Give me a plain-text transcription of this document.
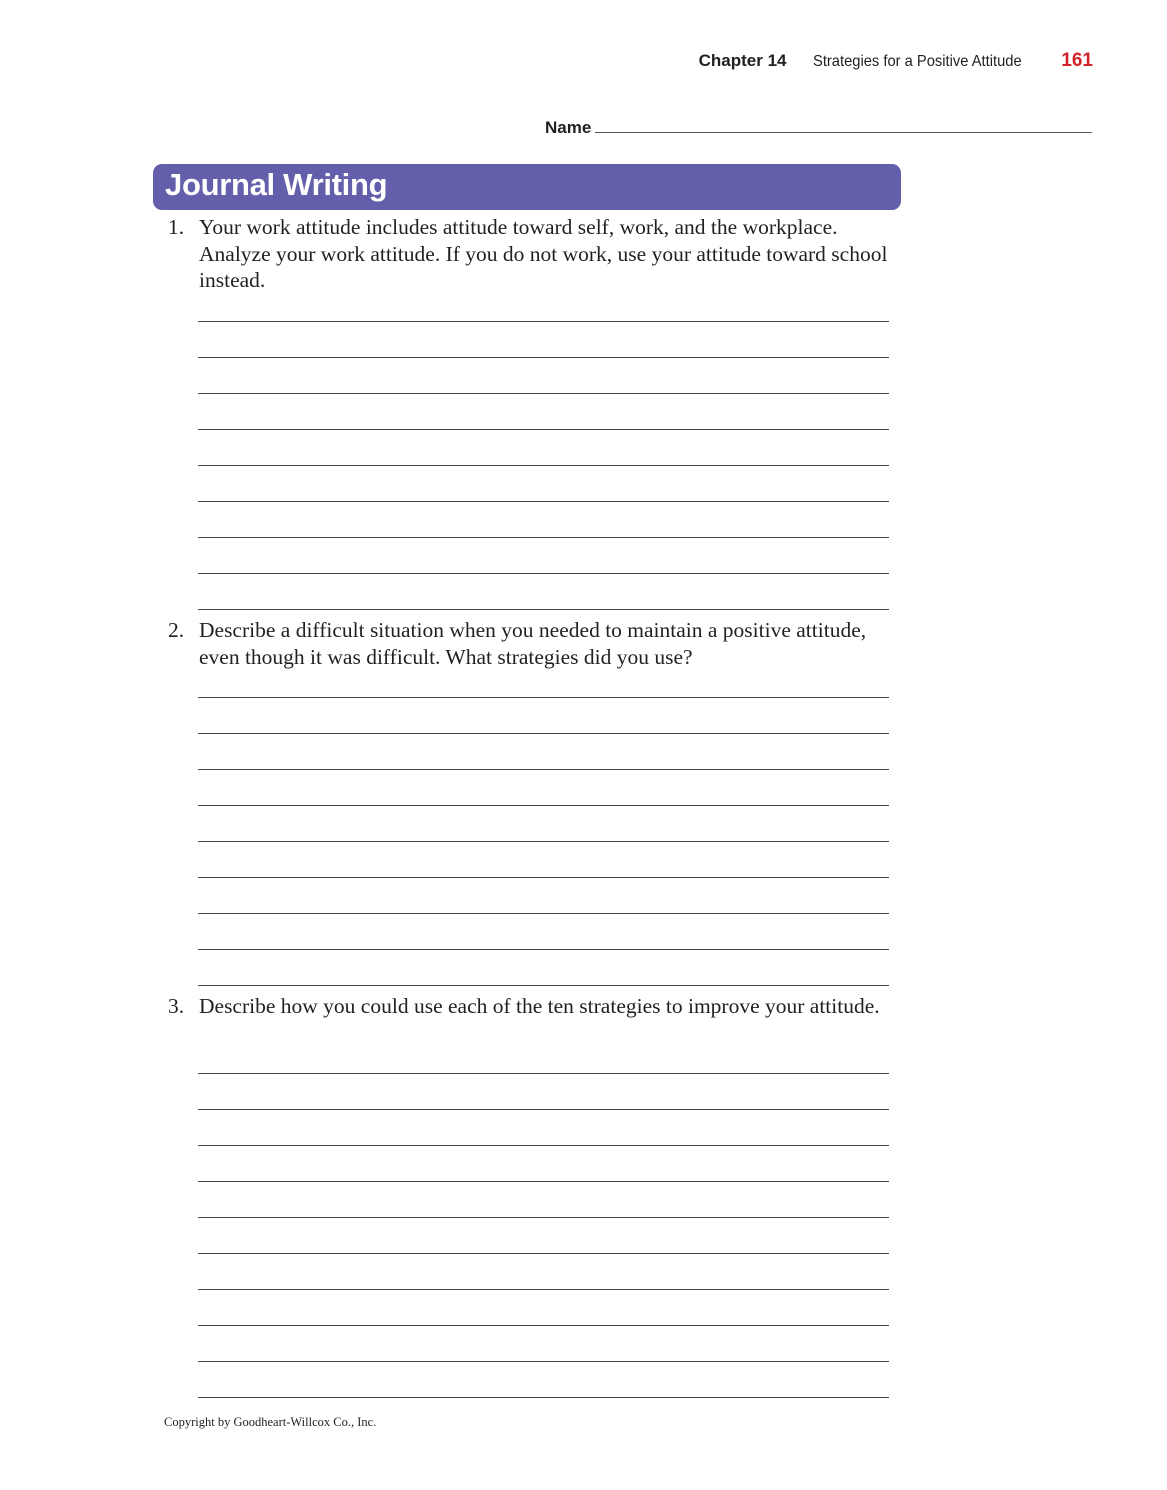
Chapter 14 Strategies for a Positive Attitude 161
Name
Journal Writing
1. Your work attitude includes attitude toward self, work, and the workplace. Analyze your work attitude. If you do not work, use your attitude toward school instead.
2. Describe a difficult situation when you needed to maintain a positive attitude, even though it was difficult. What strategies did you use?
3. Describe how you could use each of the ten strategies to improve your attitude.
Copyright by Goodheart-Willcox Co., Inc.
